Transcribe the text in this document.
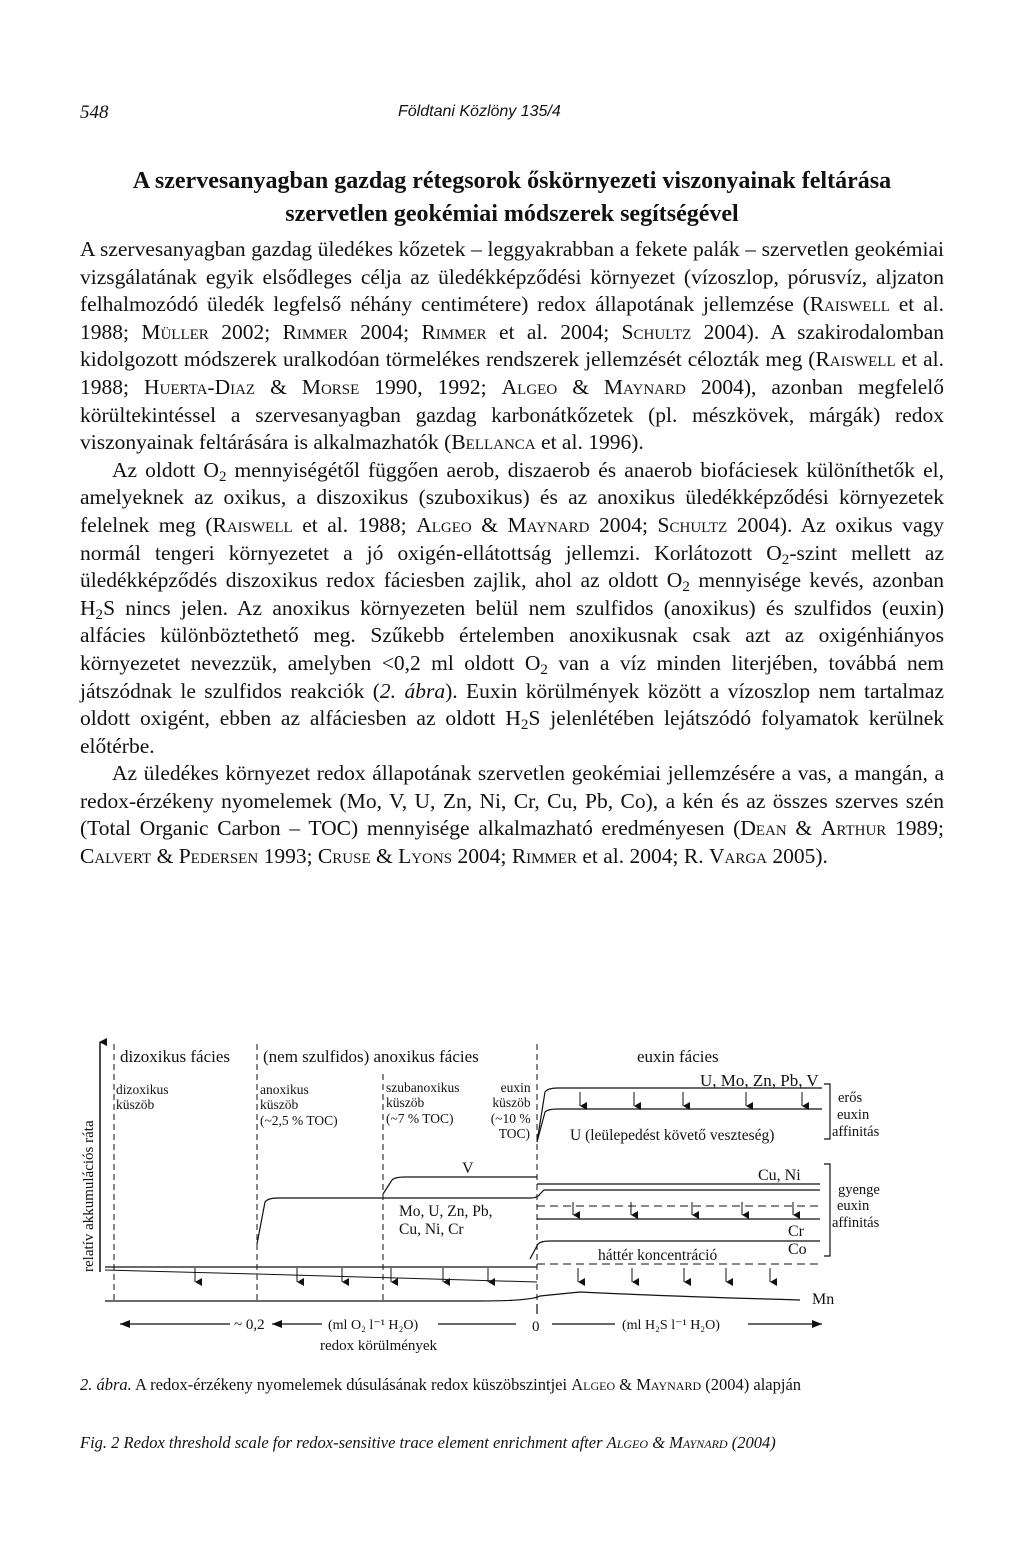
548	Földtani Közlöny 135/4
A szervesanyagban gazdag rétegsorok őskörnyezeti viszonyainak feltárása
szervetlen geokémiai módszerek segítségével

A szervesanyagban gazdag üledékes kőzetek – leggyakrabban a fekete palák – szervetlen geokémiai vizsgálatának egyik elsődleges célja az üledékképződési környezet (vízoszlop, pórusvíz, aljzaton felhalmozódó üledék legfelső néhány centimétere) redox állapotának jellemzése (Raiswell et al. 1988; Müller 2002; Rimmer 2004; Rimmer et al. 2004; Schultz 2004). A szakirodalomban kidolgozott módszerek uralkodóan törmelékes rendszerek jellemzését célozták meg (Raiswell et al. 1988; Huerta-Diaz & Morse 1990, 1992; Algeo & Maynard 2004), azonban megfelelő körültekintéssel a szervesanyagban gazdag karbonátkőzetek (pl. mészkövek, márgák) redox viszonyainak feltárására is alkalmazhatók (Bellanca et al. 1996).

Az oldott $O_2$ mennyiségétől függően aerob, diszaerob és anaerob biofáciesek különíthetők el, amelyeknek az oxikus, a diszoxikus (szuboxikus) és az anoxikus üledékképződési környezetek felelnek meg (Raiswell et al. 1988; Algeo & Maynard 2004; Schultz 2004). Az oxikus vagy normál tengeri környezetet a jó oxigén-ellátottság jellemzi. Korlátozott $O_2$-szint mellett az üledékképződés diszoxikus redox fáciesben zajlik, ahol az oldott $O_2$ mennyisége kevés, azonban $H_2S$ nincs jelen. Az anoxikus környezeten belül nem szulfidos (anoxikus) és szulfidos (euxin) alfácies különböztethető meg. Szűkebb értelemben anoxikusnak csak azt az oxigénhiányos környezetet nevezzük, amelyben <0,2 ml oldott $O_2$ van a víz minden literjében, továbbá nem játszódnak le szulfidos reakciók (2. ábra). Euxin körülmények között a vízoszlop nem tartalmaz oldott oxigént, ebben az alfáciesben az oldott $H_2S$ jelenlétében lejátszódó folyamatok kerülnek előtérbe.

Az üledékes környezet redox állapotának szervetlen geokémiai jellemzésére a vas, a mangán, a redox-érzékeny nyomelemek (Mo, V, U, Zn, Ni, Cr, Cu, Pb, Co), a kén és az összes szerves szén (Total Organic Carbon – TOC) mennyisége alkalmazható eredményesen (Dean & Arthur 1989; Calvert & Pedersen 1993; Cruse & Lyons 2004; Rimmer et al. 2004; R. Varga 2005).

relatív akkumulációs ráta
dizoxikus fácies (nem szulfidos) anoxikus fácies	euxin fácies
dizoxikus küszöb
anoxikus küszöb (~2,5 % TOC)
szubanoxikus küszöb (~7 % TOC)
euxin küszöb (~10 % TOC)
U, Mo, Zn, Pb, V
U (leülepedést követő veszteség)
erős euxin affinitás
gyenge euxin affinitás
V	Cu, Ni
Mo, U, Zn, Pb, Cu, Ni, Cr	Cr
Co
háttér koncentráció
Mn
~ 0,2	(ml O₂ l⁻¹ H₂O)	0	(ml H₂S l⁻¹ H₂O)
redox körülmények
2. ábra. A redox-érzékeny nyomelemek dúsulásának redox küszöbszintjei Algeo & Maynard (2004) alapján
Fig. 2 Redox threshold scale for redox-sensitive trace element enrichment after Algeo & Maynard (2004)
